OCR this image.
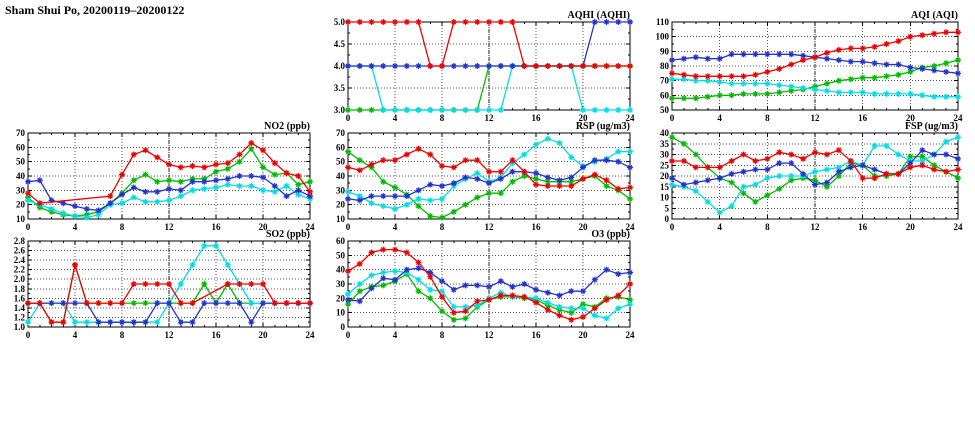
Sham Shui Po, 20200119–20200122	AQHI (AQHI)
3.0
3.5
4.0
4.5
5.0
0	4	8	12	16	20	24
AQI (AQI)
50
60
70
80
90
100
110
0	4	8	12	16	20	24
NO2 (ppb)
10
20
30
40
50
60
70
0	4	8	12	16	20	24
RSP (ug/m3)
10
20
30
40
50
60
70
0	4	8	12	16	20	24
FSP (ug/m3)
0
5
10
15
20
25
30
35
40
0	4	8	12	16	20	24
SO2 (ppb)
1.0
1.2
1.4
1.6
1.8
2.0
2.2
2.4
2.6
2.8
0	4	8	12	16	20	24
O3 (ppb)
0
10
20
30
40
50
60
0	4	8	12	16	20	24
